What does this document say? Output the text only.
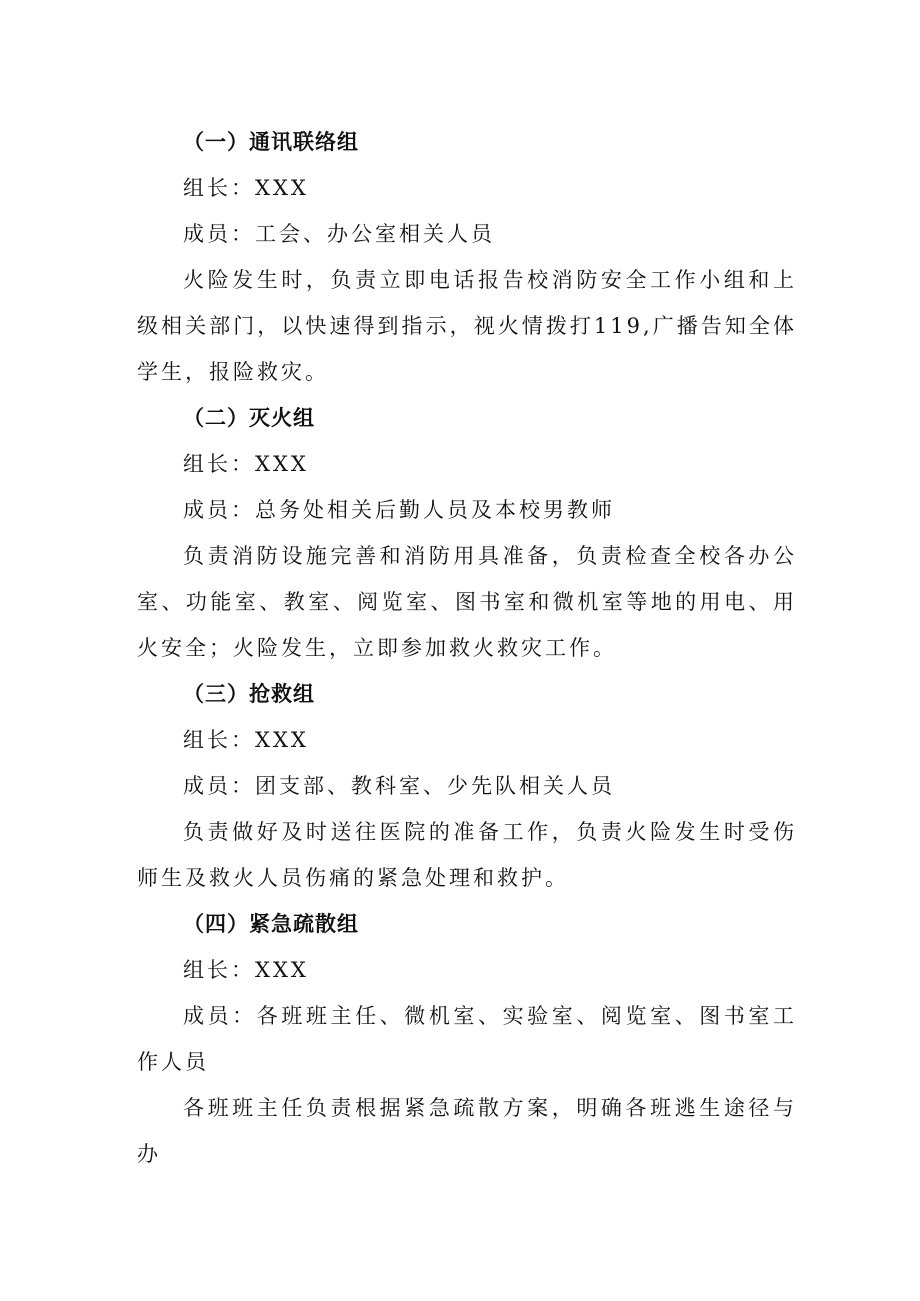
（一）通讯联络组

组长：XXX

成员：工会、办公室相关人员

火险发生时，负责立即电话报告校消防安全工作小组和上级相关部门，以快速得到指示，视火情拨打119,广播告知全体学生，报险救灾。

（二）灭火组

组长：XXX

成员：总务处相关后勤人员及本校男教师

负责消防设施完善和消防用具准备，负责检查全校各办公室、功能室、教室、阅览室、图书室和微机室等地的用电、用火安全；火险发生，立即参加救火救灾工作。

（三）抢救组

组长：XXX

成员：团支部、教科室、少先队相关人员

负责做好及时送往医院的准备工作，负责火险发生时受伤师生及救火人员伤痛的紧急处理和救护。

（四）紧急疏散组

组长：XXX

成员：各班班主任、微机室、实验室、阅览室、图书室工作人员

各班班主任负责根据紧急疏散方案，明确各班逃生途径与办
